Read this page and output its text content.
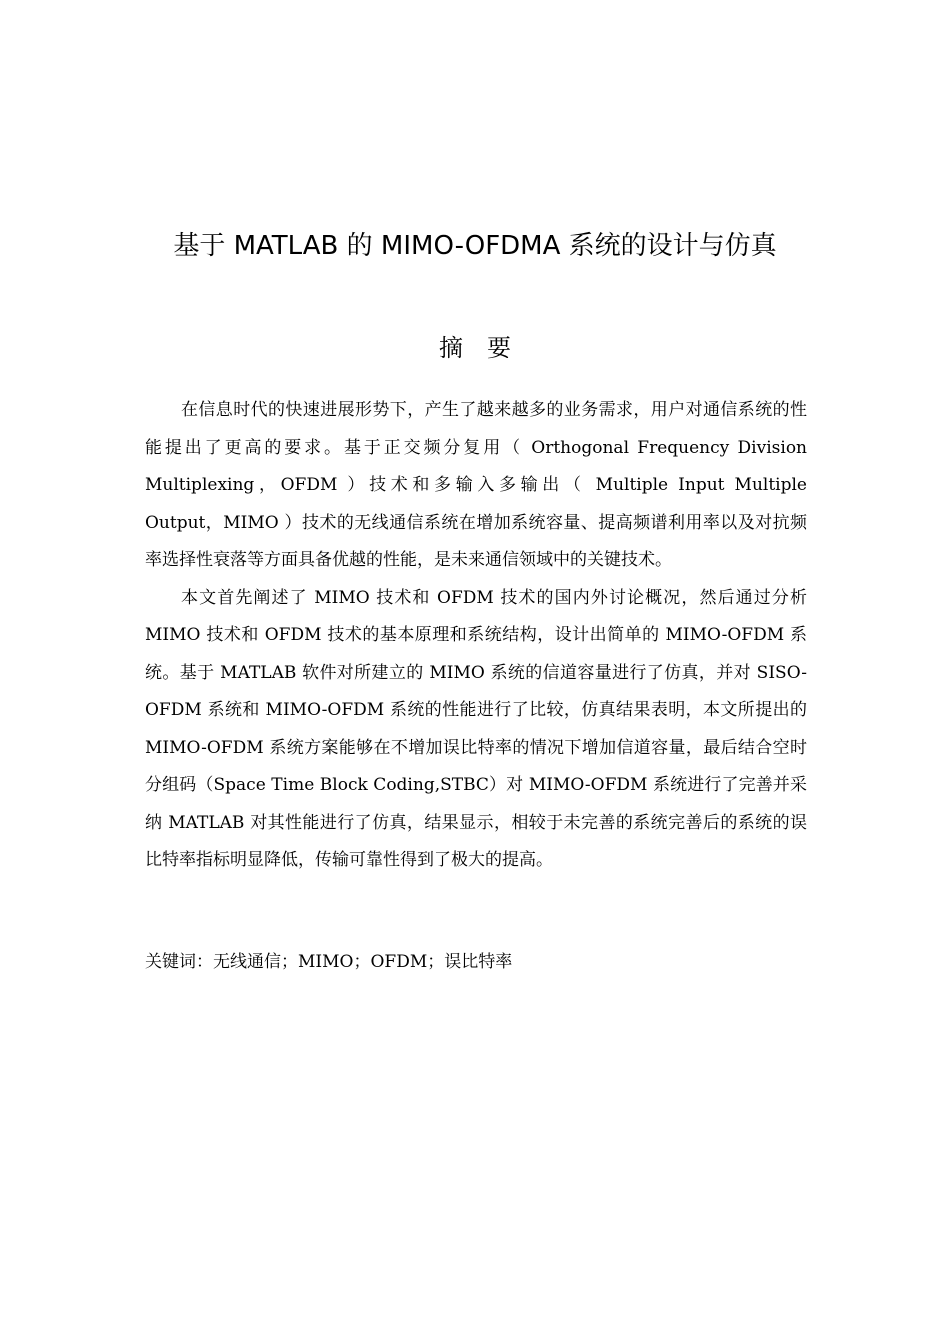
基于 MATLAB 的 MIMO-OFDMA 系统的设计与仿真
摘要

在信息时代的快速进展形势下，产生了越来越多的业务需求，用户对通信系统的性能提出了更高的要求。基于正交频分复用（ Orthogonal Frequency Division Multiplexing，OFDM ）技术和多输入多输出（ Multiple Input Multiple Output，MIMO ）技术的无线通信系统在增加系统容量、提高频谱利用率以及对抗频率选择性衰落等方面具备优越的性能，是未来通信领域中的关键技术。

本文首先阐述了 MIMO 技术和 OFDM 技术的国内外讨论概况，然后通过分析 MIMO 技术和 OFDM 技术的基本原理和系统结构，设计出简单的 MIMO-OFDM 系统。基于 MATLAB 软件对所建立的 MIMO 系统的信道容量进行了仿真，并对 SISO-OFDM 系统和 MIMO-OFDM 系统的性能进行了比较，仿真结果表明，本文所提出的 MIMO-OFDM 系统方案能够在不增加误比特率的情况下增加信道容量，最后结合空时分组码（Space Time Block Coding,STBC）对 MIMO-OFDM 系统进行了完善并采纳 MATLAB 对其性能进行了仿真，结果显示，相较于未完善的系统完善后的系统的误比特率指标明显降低，传输可靠性得到了极大的提高。

关键词：无线通信；MIMO；OFDM；误比特率
